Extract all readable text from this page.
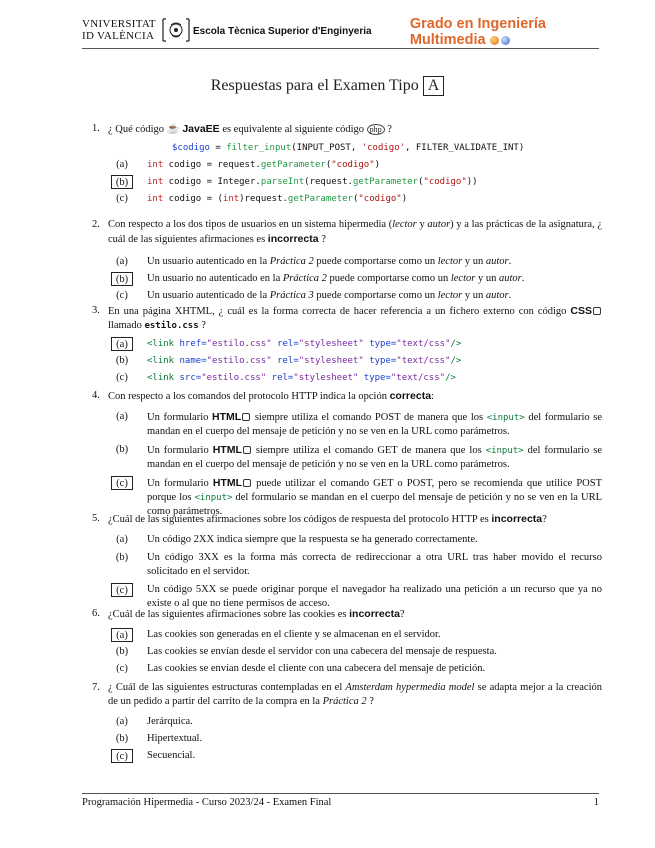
VNIVERSITAT
ID VALÈNCIA	Escola Tècnica Superior d'Enginyeria	Grado en Ingeniería
Multimedia
Respuestas para el Examen Tipo A
1. ¿ Qué código ☕ JavaEE es equivalente al siguiente código php ?
$codigo = filter_input(INPUT_POST, 'codigo', FILTER_VALIDATE_INT)
(a)	int codigo = request.getParameter("codigo")
(b)	int codigo = Integer.parseInt(request.getParameter("codigo"))
(c)	int codigo = (int)request.getParameter("codigo")
2. Con respecto a los dos tipos de usuarios en un sistema hipermedia (lector y autor) y a las prácticas de la asignatura, ¿ cuál de las siguientes afirmaciones es incorrecta ?
(a)	Un usuario autenticado en la Práctica 2 puede comportarse como un lector y un autor.
(b)	Un usuario no autenticado en la Práctica 2 puede comportarse como un lector y un autor.
(c)	Un usuario autenticado de la Práctica 3 puede comportarse como un lector y un autor.
3. En una página XHTML, ¿ cuál es la forma correcta de hacer referencia a un fichero externo con código CSS llamado estilo.css ?
(a)	<link href="estilo.css" rel="stylesheet" type="text/css"/>
(b)	<link name="estilo.css" rel="stylesheet" type="text/css"/>
(c)	<link src="estilo.css" rel="stylesheet" type="text/css"/>
4. Con respecto a los comandos del protocolo HTTP indica la opción correcta:
(a)	Un formulario HTML siempre utiliza el comando POST de manera que los <input> del formulario se mandan en el cuerpo del mensaje de petición y no se ven en la URL como parámetros.
(b)	Un formulario HTML siempre utiliza el comando GET de manera que los <input> del formulario se mandan en el cuerpo del mensaje de petición y no se ven en la URL como parámetros.
(c)	Un formulario HTML puede utilizar el comando GET o POST, pero se recomienda que utilice POST porque los <input> del formulario se mandan en el cuerpo del mensaje de petición y no se ven en la URL como parámetros.
5. ¿Cuál de las siguientes afirmaciones sobre los códigos de respuesta del protocolo HTTP es incorrecta?
(a)	Un código 2XX indica siempre que la respuesta se ha generado correctamente.
(b)	Un código 3XX es la forma más correcta de redireccionar a otra URL tras haber movido el recurso solicitado en el servidor.
(c)	Un código 5XX se puede originar porque el navegador ha realizado una petición a un recurso que ya no existe o al que no tiene permisos de acceso.
6. ¿Cuál de las siguientes afirmaciones sobre las cookies es incorrecta?
(a)	Las cookies son generadas en el cliente y se almacenan en el servidor.
(b)	Las cookies se envían desde el servidor con una cabecera del mensaje de respuesta.
(c)	Las cookies se envían desde el cliente con una cabecera del mensaje de petición.
7. ¿ Cuál de las siguientes estructuras contempladas en el Amsterdam hypermedia model se adapta mejor a la creación de un pedido a partir del carrito de la compra en la Práctica 2 ?
(a)	Jerárquica.
(b)	Hipertextual.
(c)	Secuencial.
Programación Hipermedia - Curso 2023/24 - Examen Final	1
